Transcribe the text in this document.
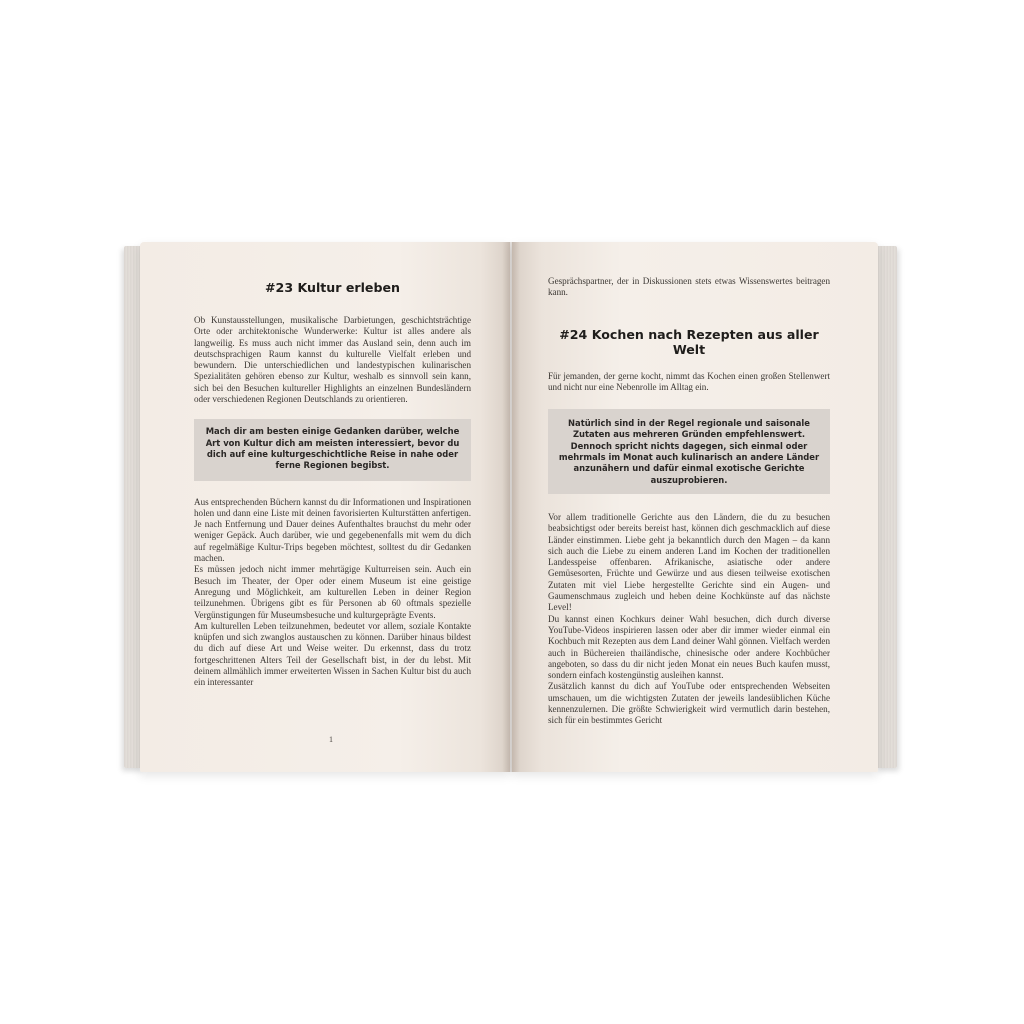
#23 Kultur erleben

Ob Kunstausstellungen, musikalische Darbietungen, geschichtsträchtige Orte oder architektonische Wunderwerke: Kultur ist alles andere als langweilig. Es muss auch nicht immer das Ausland sein, denn auch im deutschsprachigen Raum kannst du kulturelle Vielfalt erleben und bewundern. Die unterschiedlichen und landestypischen kulinarischen Spezialitäten gehören ebenso zur Kultur, weshalb es sinnvoll sein kann, sich bei den Besuchen kultureller Highlights an einzelnen Bundesländern oder verschiedenen Regionen Deutschlands zu orientieren.

Mach dir am besten einige Gedanken darüber, welche Art von Kultur dich am meisten interessiert, bevor du dich auf eine kulturgeschichtliche Reise in nahe oder ferne Regionen begibst.

Aus entsprechenden Büchern kannst du dir Informationen und Inspirationen holen und dann eine Liste mit deinen favorisierten Kulturstätten anfertigen. Je nach Entfernung und Dauer deines Aufenthaltes brauchst du mehr oder weniger Gepäck. Auch darüber, wie und gegebenenfalls mit wem du dich auf regelmäßige Kultur-Trips begeben möchtest, solltest du dir Gedanken machen.

Es müssen jedoch nicht immer mehrtägige Kulturreisen sein. Auch ein Besuch im Theater, der Oper oder einem Museum ist eine geistige Anregung und Möglichkeit, am kulturellen Leben in deiner Region teilzunehmen. Übrigens gibt es für Personen ab 60 oftmals spezielle Vergünstigungen für Museumsbesuche und kulturgeprägte Events.

Am kulturellen Leben teilzunehmen, bedeutet vor allem, soziale Kontakte knüpfen und sich zwanglos austauschen zu können. Darüber hinaus bildest du dich auf diese Art und Weise weiter. Du erkennst, dass du trotz fortgeschrittenen Alters Teil der Gesellschaft bist, in der du lebst. Mit deinem allmählich immer erweiterten Wissen in Sachen Kultur bist du auch ein interessanter

1

Gesprächspartner, der in Diskussionen stets etwas Wissenswertes beitragen kann.

#24 Kochen nach Rezepten aus aller Welt

Für jemanden, der gerne kocht, nimmt das Kochen einen großen Stellenwert und nicht nur eine Nebenrolle im Alltag ein.

Natürlich sind in der Regel regionale und saisonale Zutaten aus mehreren Gründen empfehlenswert. Dennoch spricht nichts dagegen, sich einmal oder mehrmals im Monat auch kulinarisch an andere Länder anzunähern und dafür einmal exotische Gerichte auszuprobieren.

Vor allem traditionelle Gerichte aus den Ländern, die du zu besuchen beabsichtigst oder bereits bereist hast, können dich geschmacklich auf diese Länder einstimmen. Liebe geht ja bekanntlich durch den Magen – da kann sich auch die Liebe zu einem anderen Land im Kochen der traditionellen Landesspeise offenbaren. Afrikanische, asiatische oder andere Gemüsesorten, Früchte und Gewürze und aus diesen teilweise exotischen Zutaten mit viel Liebe hergestellte Gerichte sind ein Augen- und Gaumenschmaus zugleich und heben deine Kochkünste auf das nächste Level!

Du kannst einen Kochkurs deiner Wahl besuchen, dich durch diverse YouTube-Videos inspirieren lassen oder aber dir immer wieder einmal ein Kochbuch mit Rezepten aus dem Land deiner Wahl gönnen. Vielfach werden auch in Büchereien thailändische, chinesische oder andere Kochbücher angeboten, so dass du dir nicht jeden Monat ein neues Buch kaufen musst, sondern einfach kostengünstig ausleihen kannst.

Zusätzlich kannst du dich auf YouTube oder entsprechenden Webseiten umschauen, um die wichtigsten Zutaten der jeweils landesüblichen Küche kennenzulernen. Die größte Schwierigkeit wird vermutlich darin bestehen, sich für ein bestimmtes Gericht
